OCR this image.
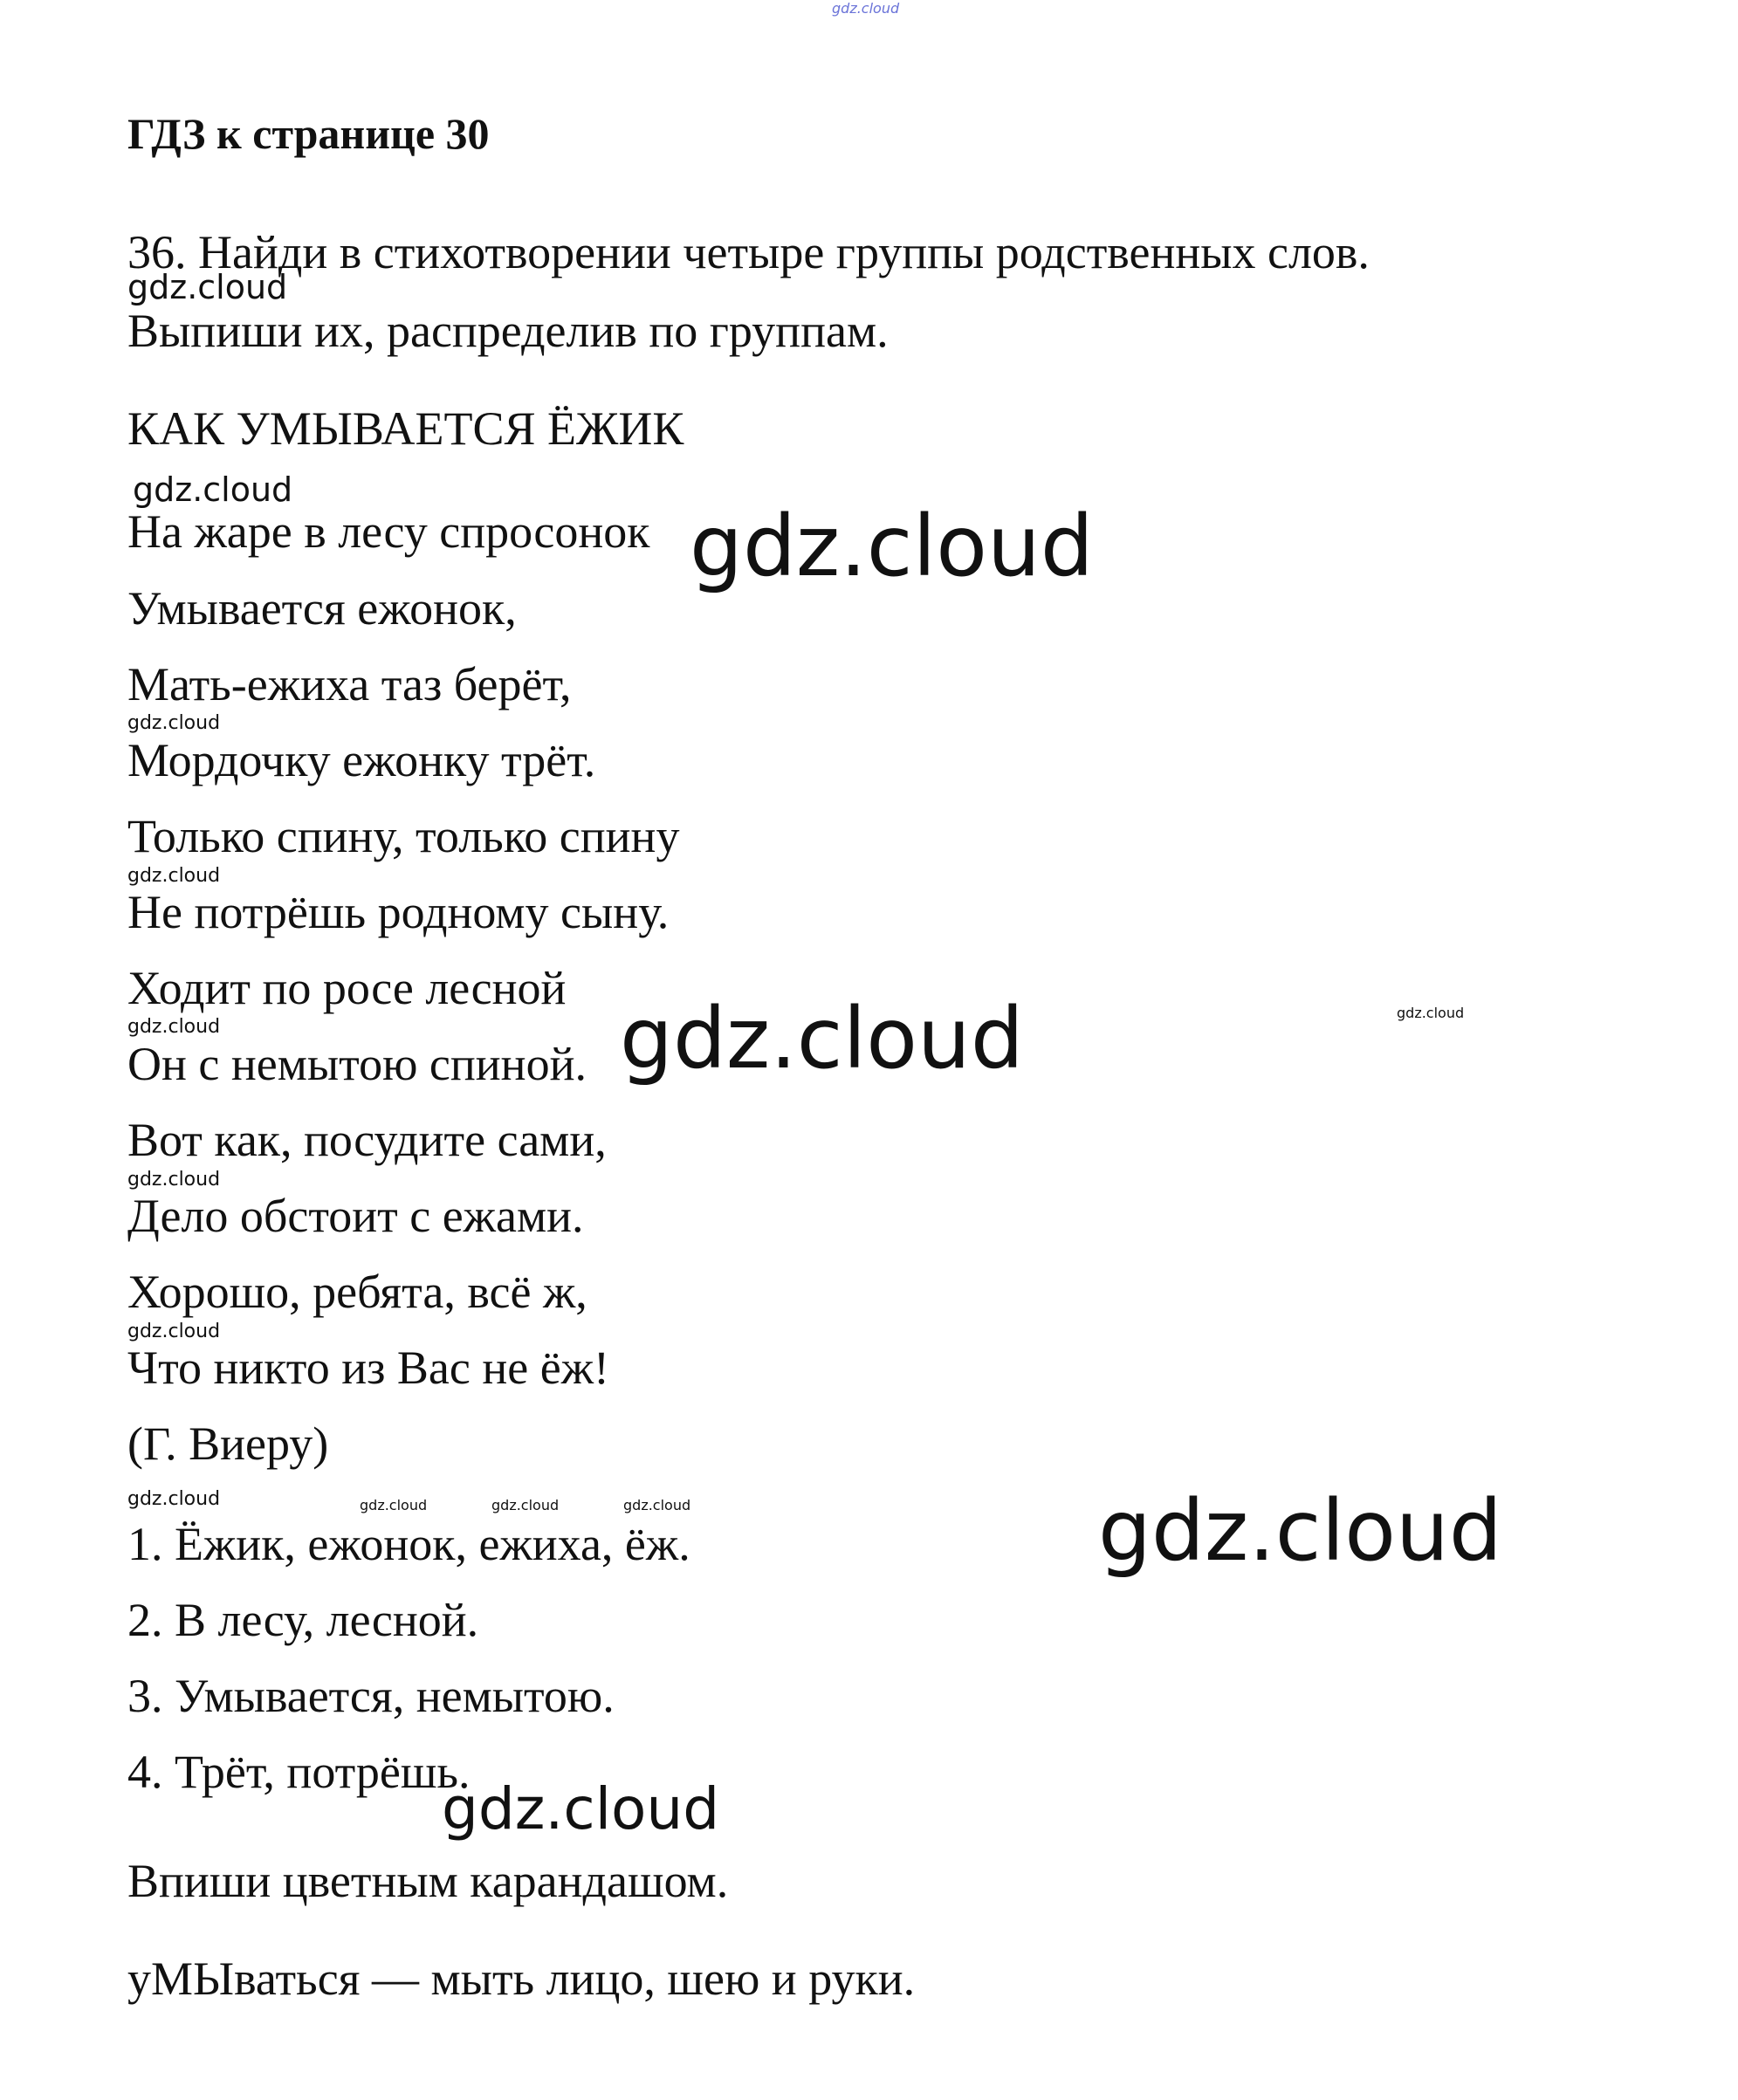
gdz.cloud
ГДЗ к странице 30
36. Найди в стихотворении четыре группы родственных слов.
gdz.cloud
Выпиши их, распределив по группам.
КАК УМЫВАЕТСЯ ЁЖИК
gdz.cloud
На жаре в лесу спросонок gdz.cloud
Умывается ежонок,
Мать-ежиха таз берёт,
gdz.cloud
Мордочку ежонку трёт.
Только спину, только спину
gdz.cloud
Не потрёшь родному сыну.
Ходит по росе лесной
gdz.cloud
gdz.cloud
Он с немытою спиной. gdz.cloud
Вот как, посудите сами,
gdz.cloud
Дело обстоит с ежами.
Хорошо, ребята, всё ж,
gdz.cloud
Что никто из Вас не ёж!
(Г. Виеру)
gdz.cloud	gdz.cloud	gdz.cloud	gdz.cloud
1. Ёжик, ежонок, ежиха, ёж.	gdz.cloud
2. В лесу, лесной.
3. Умывается, немытою.
4. Трёт, потрёшь.
gdz.cloud
Впиши цветным карандашом.
уМЫваться — мыть лицо, шею и руки.
